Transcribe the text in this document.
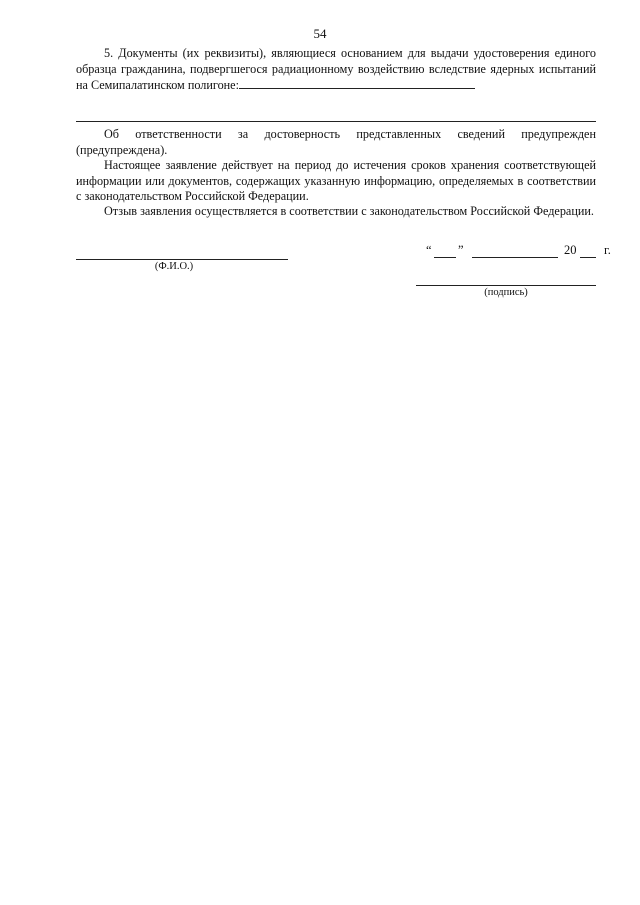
54

5. Документы (их реквизиты), являющиеся основанием для выдачи удостоверения единого образца гражданина, подвергшегося радиационному воздействию вследствие ядерных испытаний на Семипалатинском полигоне:

Об ответственности за достоверность представленных сведений предупрежден (предупреждена).

Настоящее заявление действует на период до истечения сроков хранения соответствующей информации или документов, содержащих указанную информацию, определяемых в соответствии с законодательством Российской Федерации.

Отзыв заявления осуществляется в соответствии с законодательством Российской Федерации.

(Ф.И.О.)
“ ”	20 г.
(подпись)
